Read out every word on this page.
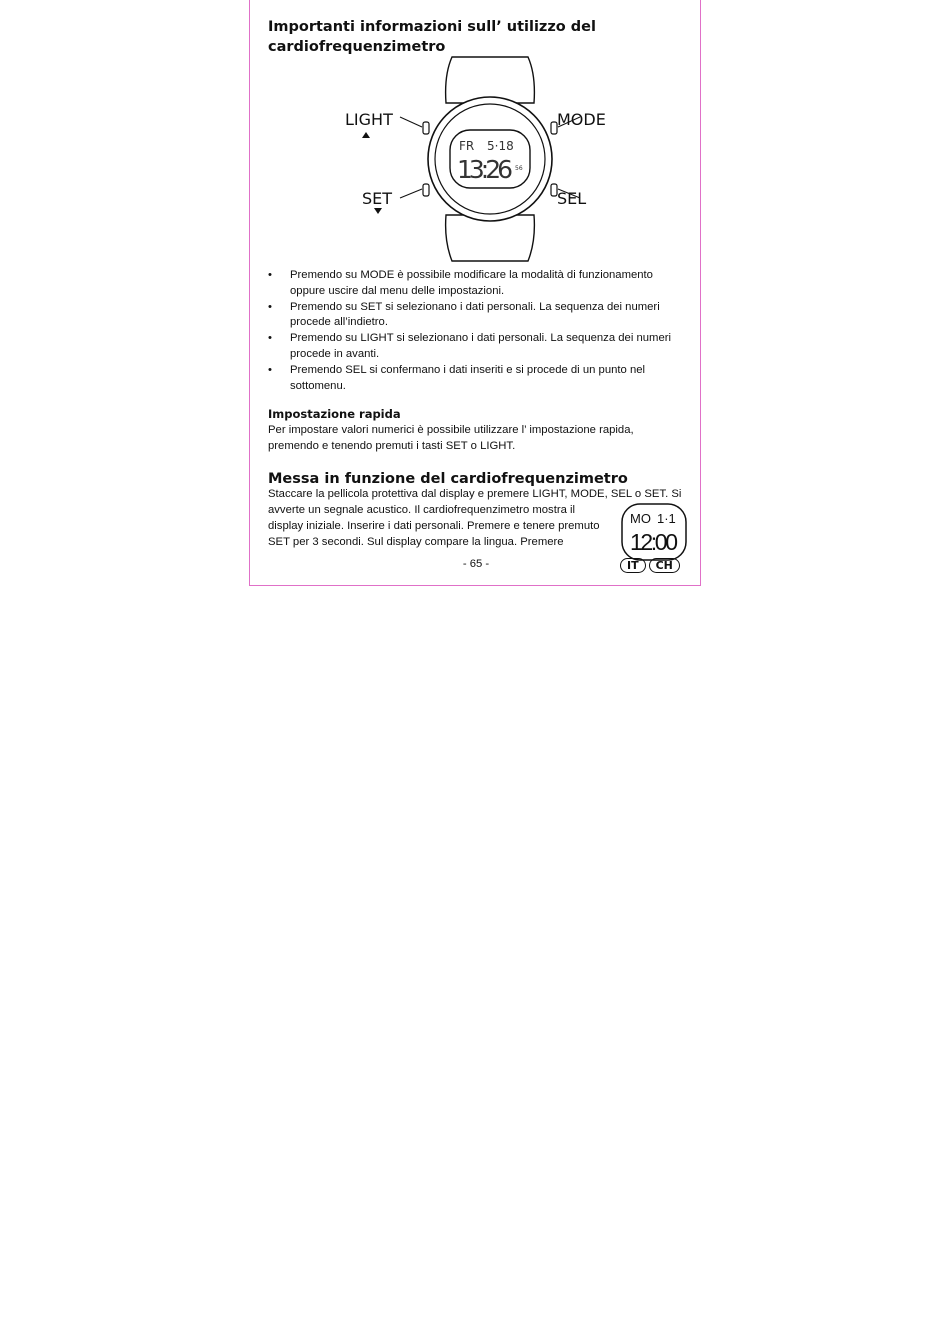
Importanti informazioni sull’ utilizzo del cardiofrequenzimetro
FR 5·18
13:26 56
LIGHT	MODE
SET	SEL
• Premendo su MODE è possibile modificare la modalità di funzionamento oppure uscire dal menu delle impostazioni.
• Premendo su SET si selezionano i dati personali. La sequenza dei numeri procede all’indietro.
• Premendo su LIGHT si selezionano i dati personali. La sequenza dei numeri procede in avanti.
• Premendo SEL si confermano i dati inseriti e si procede di un punto nel sottomenu.
Impostazione rapida
Per impostare valori numerici è possibile utilizzare l’ impostazione rapida, premendo e tenendo premuti i tasti SET o LIGHT.
Messa in funzione del cardiofrequenzimetro
Staccare la pellicola protettiva dal display e premere LIGHT, MODE, SEL o SET. Si
avverte un segnale acustico. Il cardiofrequenzimetro mostra il display iniziale. Inserire i dati personali. Premere e tenere premuto SET per 3 secondi. Sul display compare la lingua. Premere
MO 1·1
12:00
- 65 -	IT	CH
